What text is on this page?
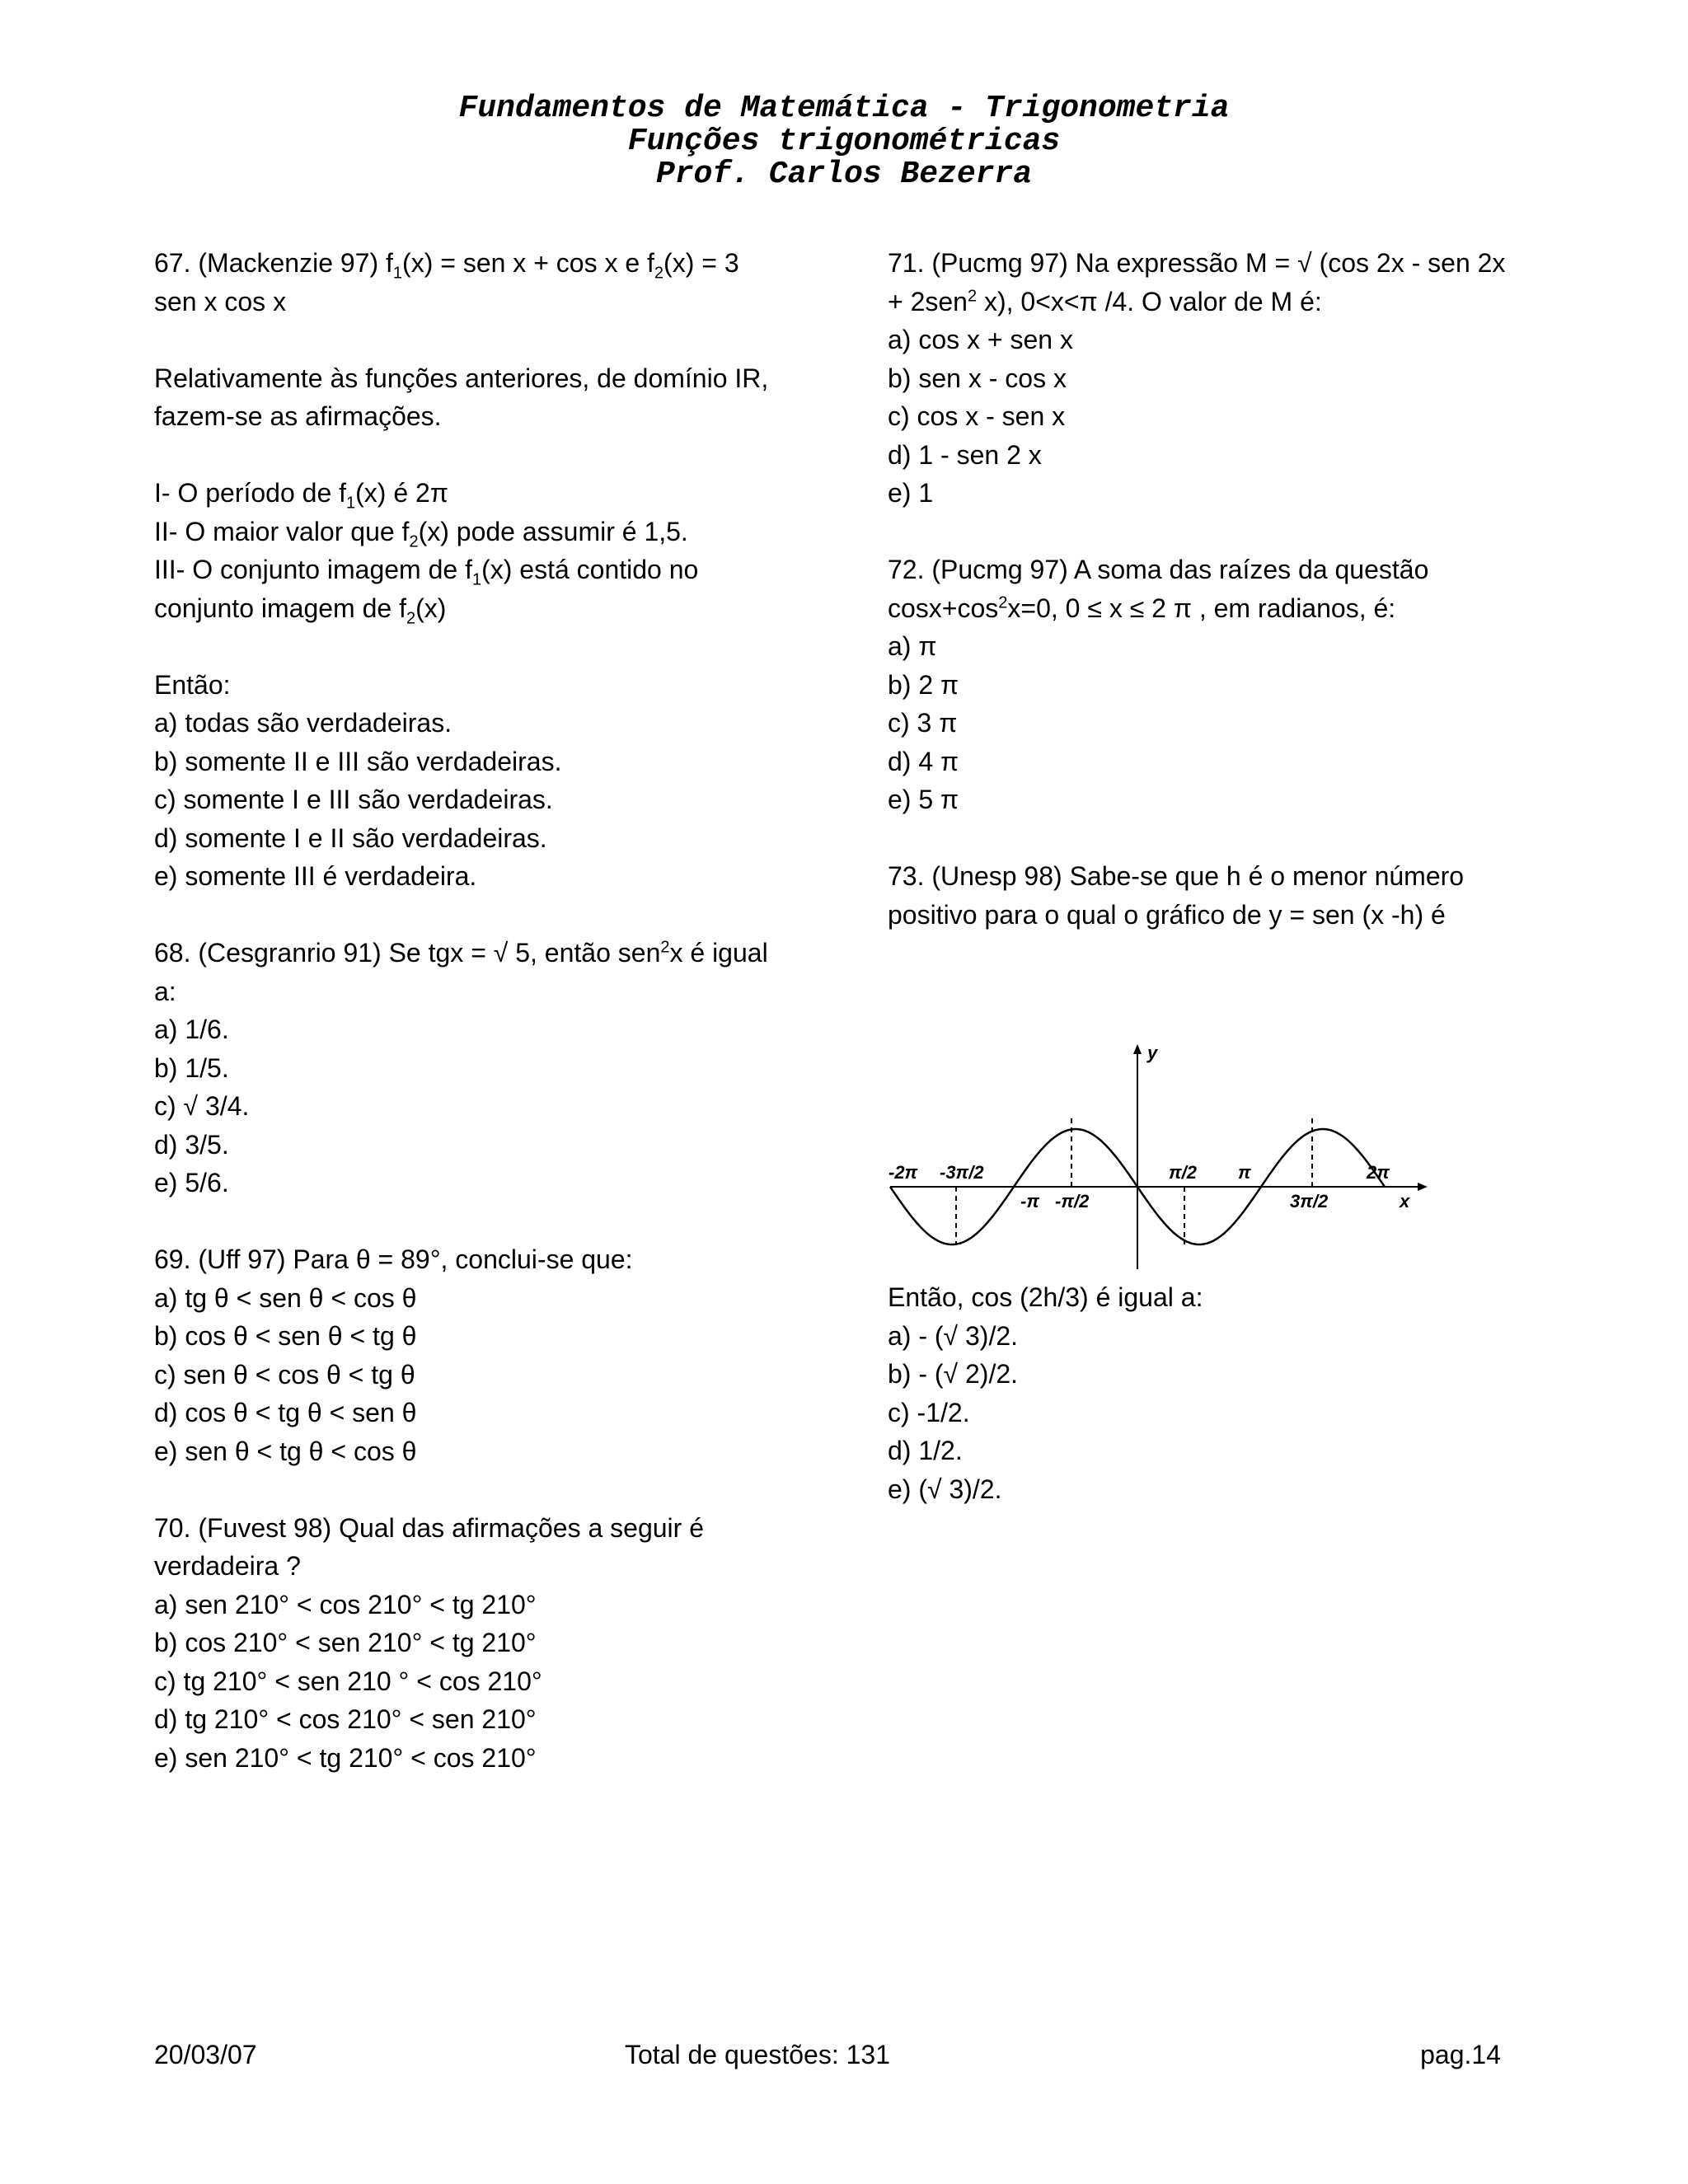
Fundamentos de Matemática - Trigonometria
Funções trigonométricas
Prof. Carlos Bezerra

67. (Mackenzie 97) $f_1(x)$ = sen x + cos x e $f_2(x) = 3$ sen x cos x

Relativamente às funções anteriores, de domínio IR, fazem-se as afirmações.

I- O período de $f_1(x)$ é 2π

II- O maior valor que $f_2(x)$ pode assumir é 1,5.

III- O conjunto imagem de $f_1(x)$ está contido no conjunto imagem de $f_2(x)$

Então:

a) todas são verdadeiras.

b) somente II e III são verdadeiras.

c) somente I e III são verdadeiras.

d) somente I e II são verdadeiras.

e) somente III é verdadeira.

68. (Cesgranrio 91) Se tgx = √ 5, então sen$^2$x é igual a:

a) 1/6.

b) 1/5.

c) √ 3/4.

d) 3/5.

e) 5/6.

69. (Uff 97) Para θ = 89°, conclui-se que:

a) tg θ < sen θ < cos θ

b) cos θ < sen θ < tg θ

c) sen θ < cos θ < tg θ

d) cos θ < tg θ < sen θ

e) sen θ < tg θ < cos θ

70. (Fuvest 98) Qual das afirmações a seguir é verdadeira ?

a) sen 210° < cos 210° < tg 210°

b) cos 210° < sen 210° < tg 210°

c) tg 210° < sen 210 ° < cos 210°

d) tg 210° < cos 210° < sen 210°

e) sen 210° < tg 210° < cos 210°

71. (Pucmg 97) Na expressão M = √ (cos 2x - sen 2x + 2sen$^2$ x), 0<x<π /4. O valor de M é:

a) cos x + sen x

b) sen x - cos x

c) cos x - sen x

d) 1 - sen 2 x

e) 1

72. (Pucmg 97) A soma das raízes da questão $\cos x+\cos^2x=0$, 0 ≤ x ≤ 2 π , em radianos, é:

a) π

b) 2 π

c) 3 π

d) 4 π

e) 5 π

73. (Unesp 98) Sabe-se que h é o menor número positivo para o qual o gráfico de y = sen (x -h) é

Então, cos (2h/3) é igual a:

a) - (√ 3)/2.

b) - (√ 2)/2.

c) -1/2.

d) 1/2.

e) (√ 3)/2.

y
x
-2π -3π/2	π/2 π	2π
-π -π/2	3π/2
20/03/07	Total de questões: 131	pag.14
